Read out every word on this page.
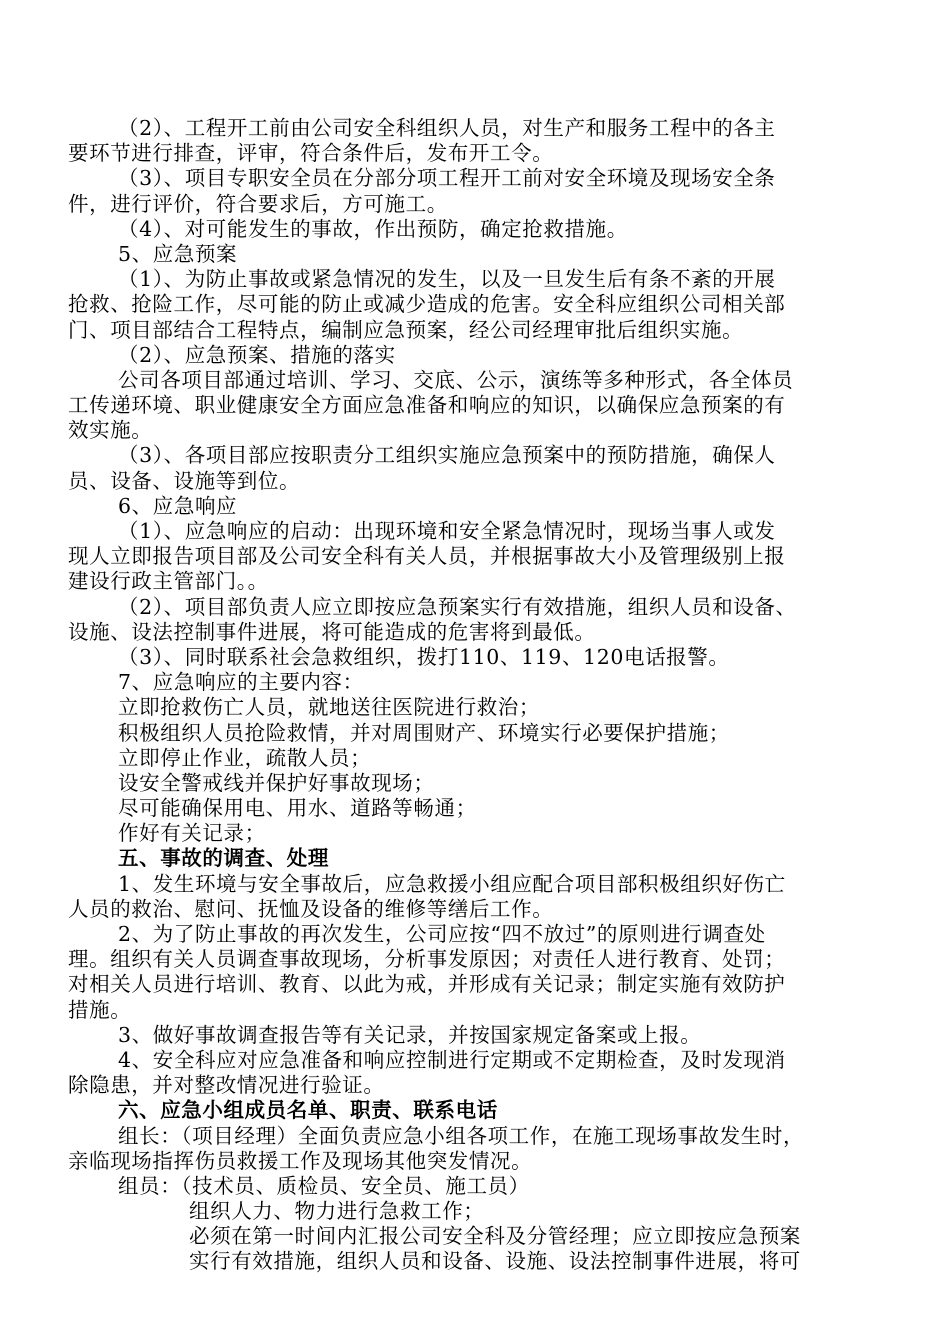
（2）、工程开工前由公司安全科组织人员，对生产和服务工程中的各主
要环节进行排查，评审，符合条件后，发布开工令。
（3）、项目专职安全员在分部分项工程开工前对安全环境及现场安全条
件，进行评价，符合要求后，方可施工。
（4）、对可能发生的事故，作出预防，确定抢救措施。
5、应急预案
（1）、为防止事故或紧急情况的发生，以及一旦发生后有条不紊的开展
抢救、抢险工作，尽可能的防止或减少造成的危害。安全科应组织公司相关部
门、项目部结合工程特点，编制应急预案，经公司经理审批后组织实施。
（2）、应急预案、措施的落实
公司各项目部通过培训、学习、交底、公示，演练等多种形式，各全体员
工传递环境、职业健康安全方面应急准备和响应的知识，以确保应急预案的有
效实施。
（3）、各项目部应按职责分工组织实施应急预案中的预防措施，确保人
员、设备、设施等到位。
6、应急响应
（1）、应急响应的启动：出现环境和安全紧急情况时，现场当事人或发
现人立即报告项目部及公司安全科有关人员，并根据事故大小及管理级别上报
建设行政主管部门。。
（2）、项目部负责人应立即按应急预案实行有效措施，组织人员和设备、
设施、设法控制事件进展，将可能造成的危害将到最低。
（3）、同时联系社会急救组织，拨打110、119、120电话报警。
7、应急响应的主要内容：
立即抢救伤亡人员，就地送往医院进行救治；
积极组织人员抢险救情，并对周围财产、环境实行必要保护措施；
立即停止作业，疏散人员；
设安全警戒线并保护好事故现场；
尽可能确保用电、用水、道路等畅通；
作好有关记录；
五、事故的调查、处理
1、发生环境与安全事故后，应急救援小组应配合项目部积极组织好伤亡
人员的救治、慰问、抚恤及设备的维修等缮后工作。
2、为了防止事故的再次发生，公司应按“四不放过”的原则进行调查处
理。组织有关人员调查事故现场，分析事发原因；对责任人进行教育、处罚；
对相关人员进行培训、教育、以此为戒，并形成有关记录；制定实施有效防护
措施。
3、做好事故调查报告等有关记录，并按国家规定备案或上报。
4、安全科应对应急准备和响应控制进行定期或不定期检查，及时发现消
除隐患，并对整改情况进行验证。
六、应急小组成员名单、职责、联系电话
组长：（项目经理）全面负责应急小组各项工作，在施工现场事故发生时，
亲临现场指挥伤员救援工作及现场其他突发情况。
组员：（技术员、质检员、安全员、施工员）
组织人力、物力进行急救工作；
必须在第一时间内汇报公司安全科及分管经理；应立即按应急预案
实行有效措施，组织人员和设备、设施、设法控制事件进展，将可
